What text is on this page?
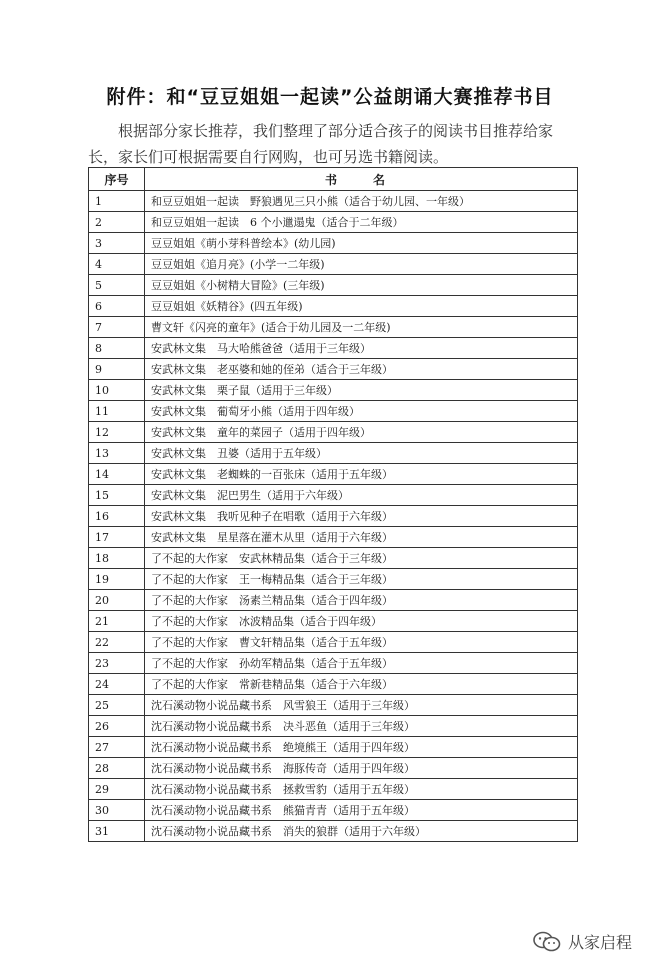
附件：和“豆豆姐姐一起读”公益朗诵大赛推荐书目
根据部分家长推荐，我们整理了部分适合孩子的阅读书目推荐给家长，家长们可根据需要自行网购，也可另选书籍阅读。
序号	书　名
1	和豆豆姐姐一起读　野狼遇见三只小熊（适合于幼儿园、一年级）
2	和豆豆姐姐一起读　6 个小邋遢鬼（适合于二年级）
3	豆豆姐姐《萌小芽科普绘本》(幼儿园)
4	豆豆姐姐《追月亮》(小学一二年级)
5	豆豆姐姐《小树精大冒险》(三年级)
6	豆豆姐姐《妖精谷》(四五年级)
7	曹文轩《闪亮的童年》(适合于幼儿园及一二年级)
8	安武林文集　马大哈熊爸爸（适用于三年级）
9	安武林文集　老巫婆和她的侄弟（适合于三年级）
10	安武林文集　栗子鼠（适用于三年级）
11	安武林文集　葡萄牙小熊（适用于四年级）
12	安武林文集　童年的菜园子（适用于四年级）
13	安武林文集　丑婆（适用于五年级）
14	安武林文集　老蜘蛛的一百张床（适用于五年级）
15	安武林文集　泥巴男生（适用于六年级）
16	安武林文集　我听见种子在唱歌（适用于六年级）
17	安武林文集　星星落在灌木从里（适用于六年级）
18	了不起的大作家　安武林精品集（适合于三年级）
19	了不起的大作家　王一梅精品集（适合于三年级）
20	了不起的大作家　汤素兰精品集（适合于四年级）
21	了不起的大作家　冰波精品集（适合于四年级）
22	了不起的大作家　曹文轩精品集（适合于五年级）
23	了不起的大作家　孙幼军精品集（适合于五年级）
24	了不起的大作家　常新巷精品集（适合于六年级）
25	沈石溪动物小说品藏书系　风雪狼王（适用于三年级）
26	沈石溪动物小说品藏书系　决斗恶鱼（适用于三年级）
27	沈石溪动物小说品藏书系　绝境熊王（适用于四年级）
28	沈石溪动物小说品藏书系　海豚传奇（适用于四年级）
29	沈石溪动物小说品藏书系　拯救雪豹（适用于五年级）
30	沈石溪动物小说品藏书系　熊猫青青（适用于五年级）
31	沈石溪动物小说品藏书系　消失的狼群（适用于六年级）
从家启程
